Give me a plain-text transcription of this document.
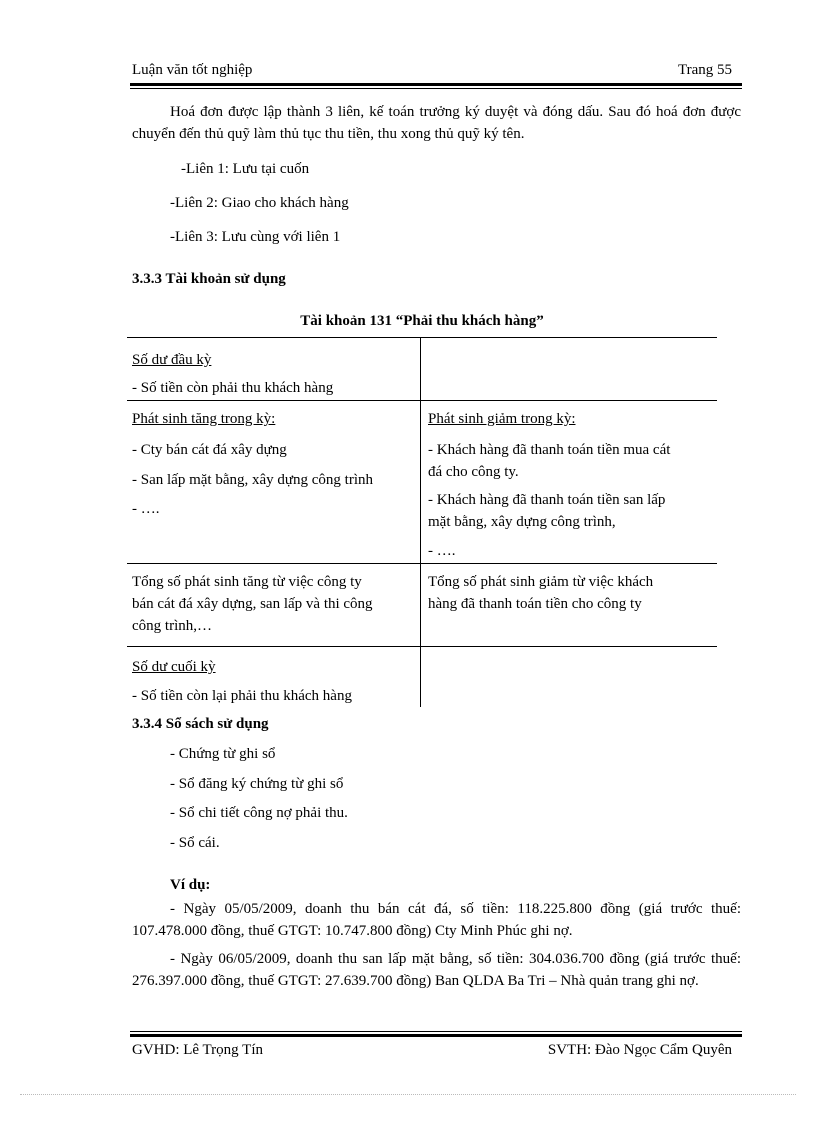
Luận văn tốt nghiệp	Trang 55
Hoá đơn được lập thành 3 liên, kế toán trưởng ký duyệt và đóng dấu. Sau đó hoá đơn được chuyển đến thủ quỹ làm thủ tục thu tiền, thu xong thủ quỹ ký tên.
-Liên 1: Lưu tại cuốn
-Liên 2: Giao cho khách hàng
-Liên 3: Lưu cùng với liên 1
3.3.3 Tài khoản sử dụng
Tài khoản 131 “Phải thu khách hàng”
Số dư đầu kỳ
- Số tiền còn phải thu khách hàng
Phát sinh tăng trong kỳ:
- Cty bán cát đá xây dựng
- San lấp mặt bằng, xây dựng công trình
- ….
Phát sinh giảm trong kỳ:
- Khách hàng đã thanh toán tiền mua cát
đá cho công ty.
- Khách hàng đã thanh toán tiền san lấp
mặt bằng, xây dựng công trình,
- ….
Tổng số phát sinh tăng từ việc công ty
bán cát đá xây dựng, san lấp và thi công
công trình,…
Tổng số phát sinh giảm từ việc khách
hàng đã thanh toán tiền cho công ty
Số dư cuối kỳ
- Số tiền còn lại phải thu khách hàng
3.3.4 Sổ sách sử dụng
- Chứng từ ghi sổ
- Sổ đăng ký chứng từ ghi sổ
- Sổ chi tiết công nợ phải thu.
- Sổ cái.
Ví dụ:
- Ngày 05/05/2009, doanh thu bán cát đá, số tiền: 118.225.800 đồng (giá trước thuế: 107.478.000 đồng, thuế GTGT: 10.747.800 đồng) Cty Minh Phúc ghi nợ.
- Ngày 06/05/2009, doanh thu san lấp mặt bằng, số tiền: 304.036.700 đồng (giá trước thuế: 276.397.000 đồng, thuế GTGT: 27.639.700 đồng) Ban QLDA Ba Tri – Nhà quản trang ghi nợ.
GVHD: Lê Trọng Tín	SVTH: Đào Ngọc Cẩm Quyên
